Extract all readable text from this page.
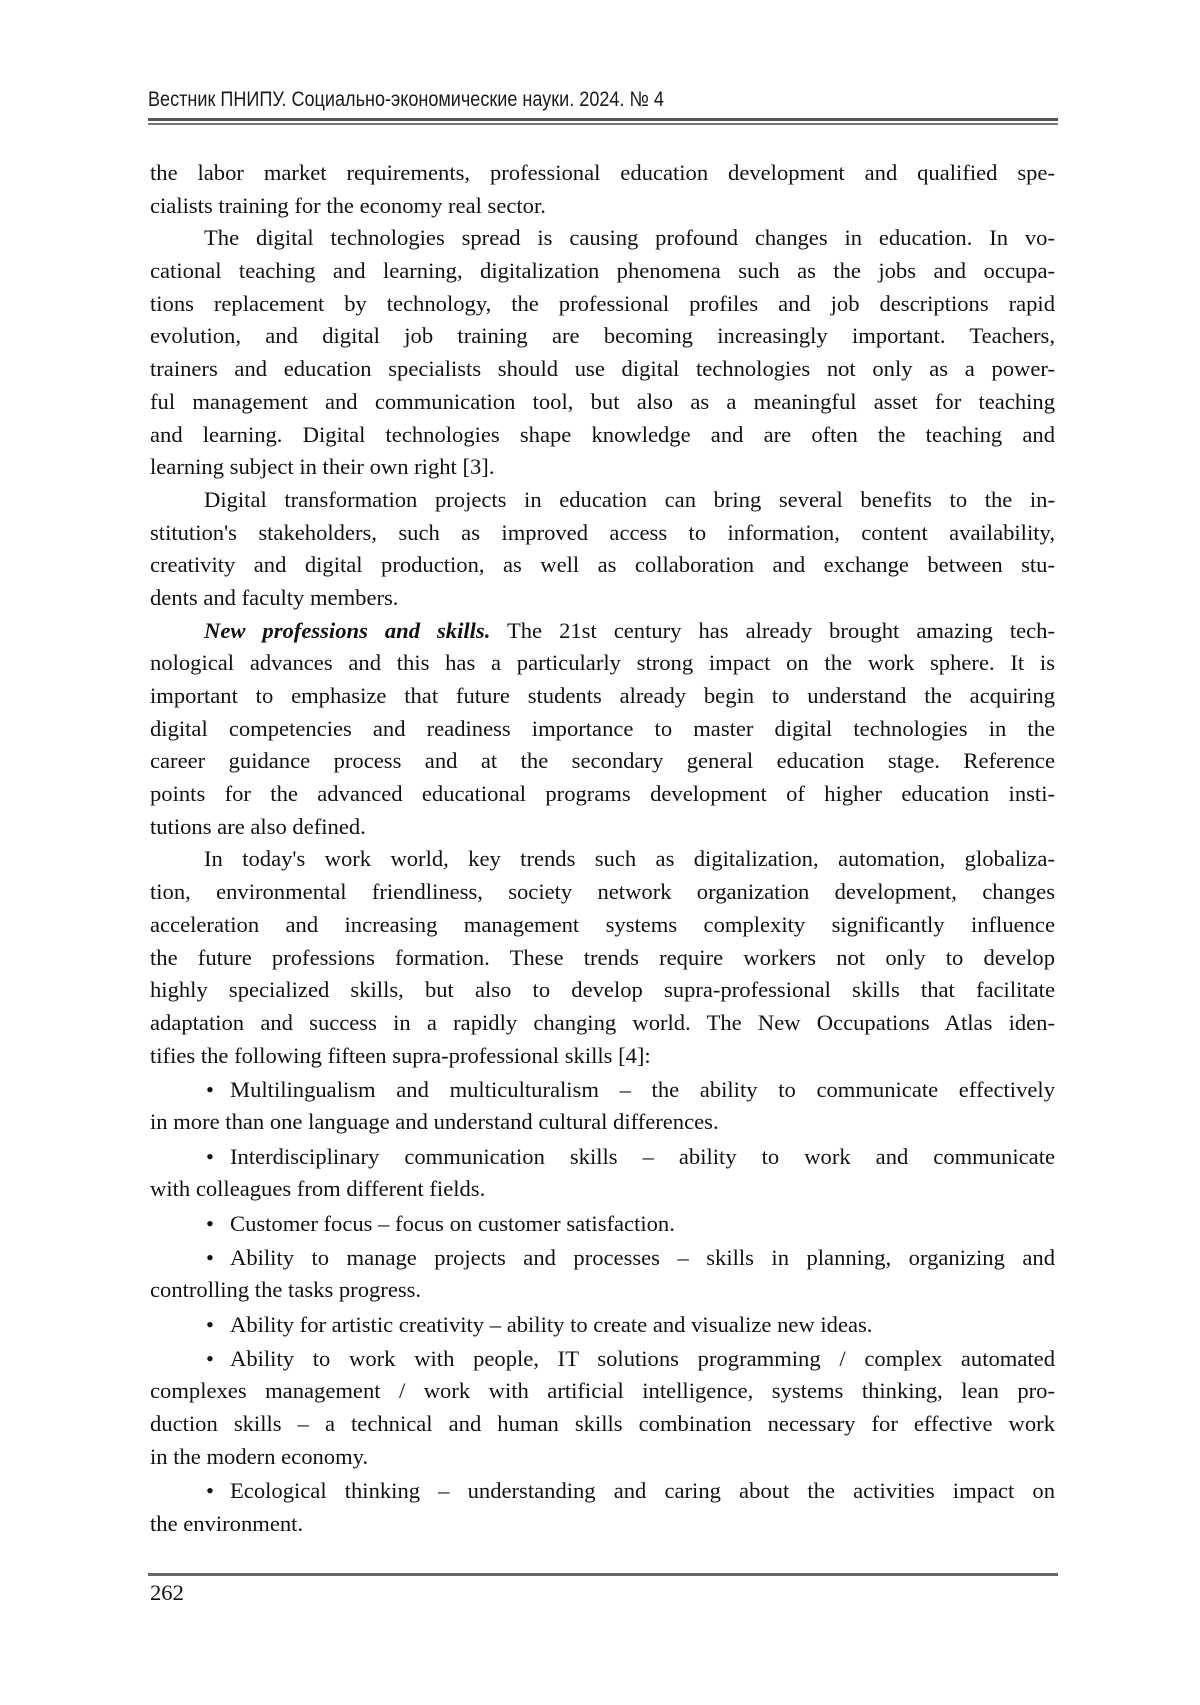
Вестник ПНИПУ. Социально-экономические науки. 2024. № 4
the labor market requirements, professional education development and qualified spe-
cialists training for the economy real sector.
The digital technologies spread is causing profound changes in education. In vo-
cational teaching and learning, digitalization phenomena such as the jobs and occupa-
tions replacement by technology, the professional profiles and job descriptions rapid
evolution, and digital job training are becoming increasingly important. Teachers,
trainers and education specialists should use digital technologies not only as a power-
ful management and communication tool, but also as a meaningful asset for teaching
and learning. Digital technologies shape knowledge and are often the teaching and
learning subject in their own right [3].
Digital transformation projects in education can bring several benefits to the in-
stitution's stakeholders, such as improved access to information, content availability,
creativity and digital production, as well as collaboration and exchange between stu-
dents and faculty members.
New professions and skills. The 21st century has already brought amazing tech-
nological advances and this has a particularly strong impact on the work sphere. It is
important to emphasize that future students already begin to understand the acquiring
digital competencies and readiness importance to master digital technologies in the
career guidance process and at the secondary general education stage. Reference
points for the advanced educational programs development of higher education insti-
tutions are also defined.
In today's work world, key trends such as digitalization, automation, globaliza-
tion, environmental friendliness, society network organization development, changes
acceleration and increasing management systems complexity significantly influence
the future professions formation. These trends require workers not only to develop
highly specialized skills, but also to develop supra-professional skills that facilitate
adaptation and success in a rapidly changing world. The New Occupations Atlas iden-
tifies the following fifteen supra-professional skills [4]:
• Multilingualism and multiculturalism – the ability to communicate effectively
in more than one language and understand cultural differences.
• Interdisciplinary communication skills – ability to work and communicate
with colleagues from different fields.
• Customer focus – focus on customer satisfaction.
• Ability to manage projects and processes – skills in planning, organizing and
controlling the tasks progress.
• Ability for artistic creativity – ability to create and visualize new ideas.
• Ability to work with people, IT solutions programming / complex automated
complexes management / work with artificial intelligence, systems thinking, lean pro-
duction skills – a technical and human skills combination necessary for effective work
in the modern economy.
• Ecological thinking – understanding and caring about the activities impact on
the environment.
262
